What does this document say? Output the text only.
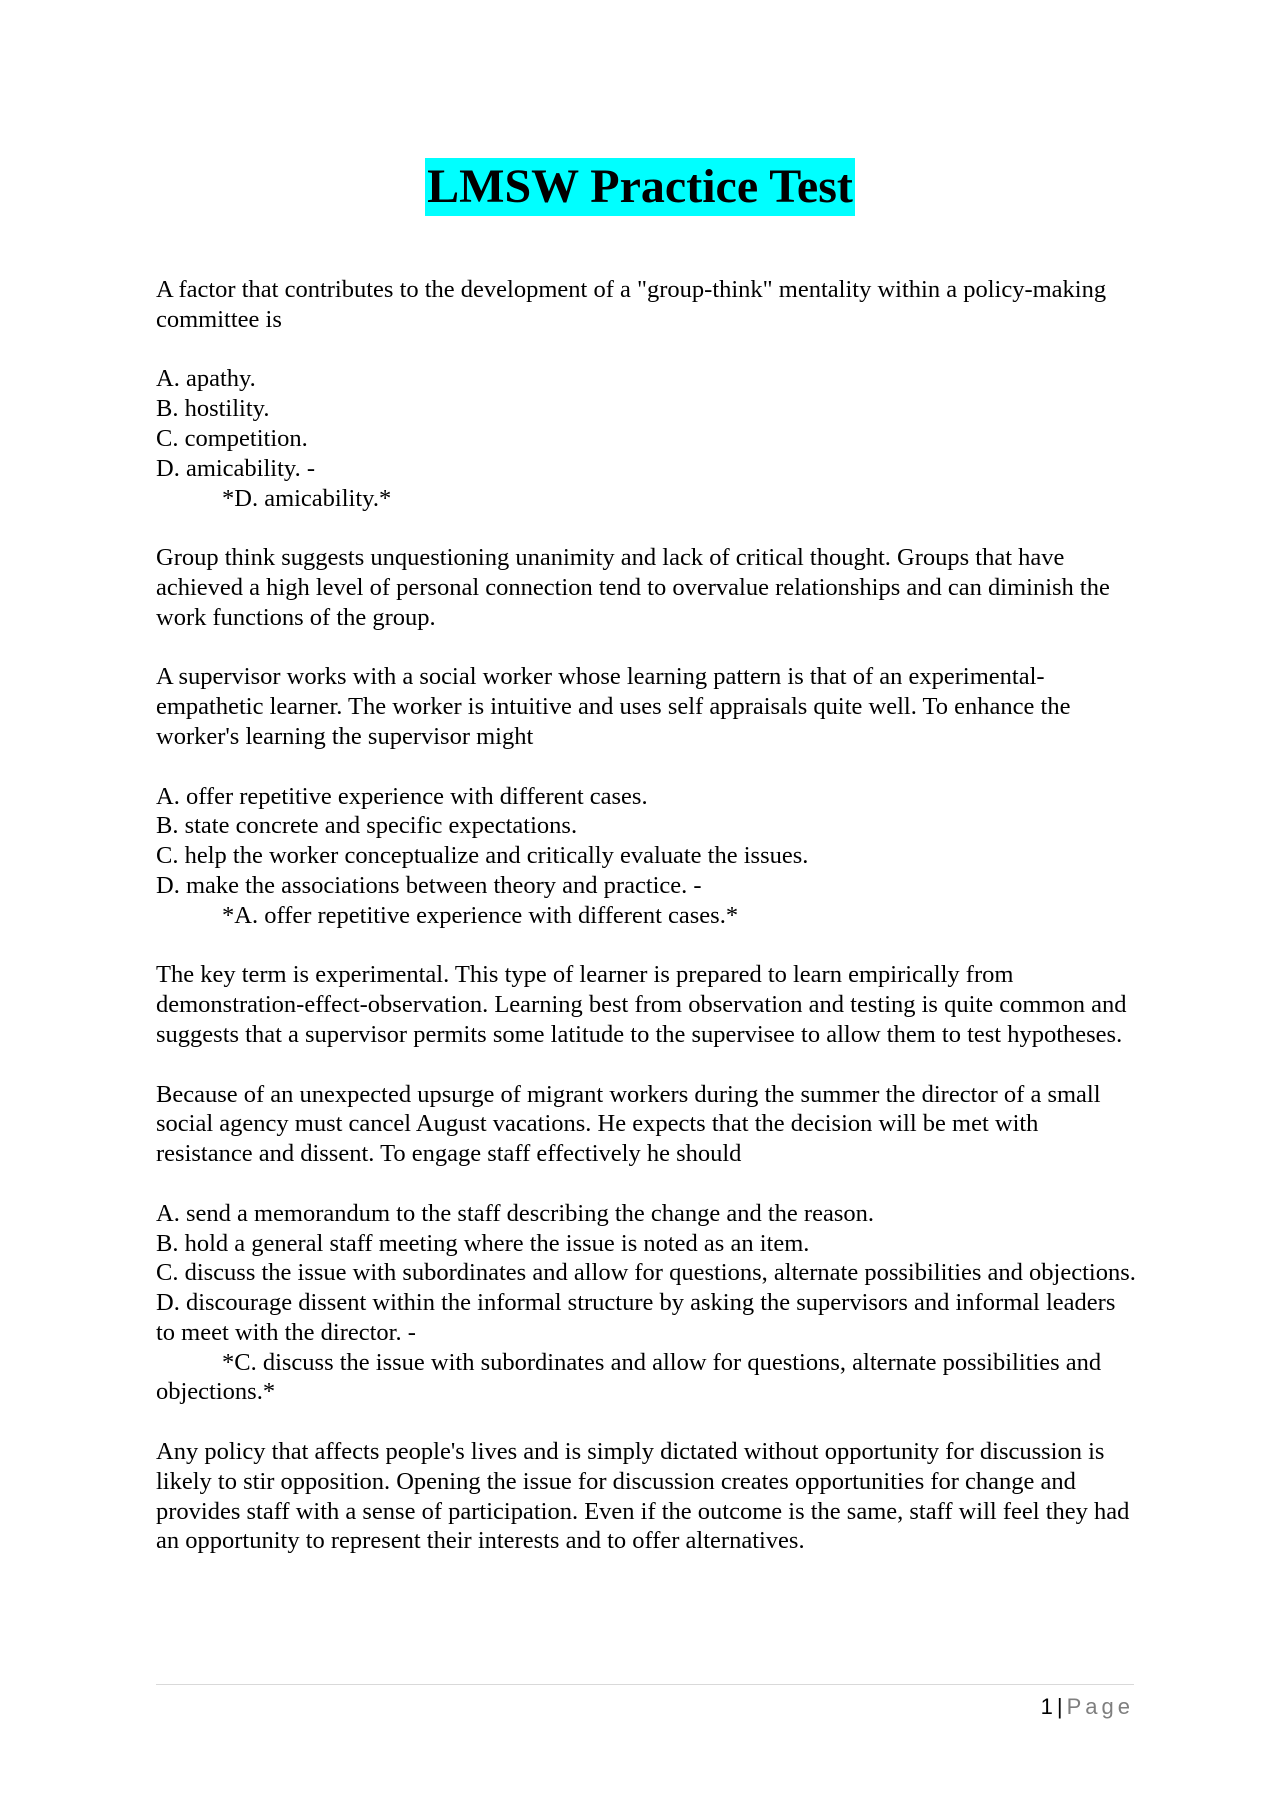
LMSW Practice Test

A factor that contributes to the development of a "group-think" mentality within a policy-making committee is

A. apathy.
B. hostility.
C. competition.
D. amicability. -
*D. amicability.*

Group think suggests unquestioning unanimity and lack of critical thought. Groups that have achieved a high level of personal connection tend to overvalue relationships and can diminish the work functions of the group.

A supervisor works with a social worker whose learning pattern is that of an experimental-empathetic learner. The worker is intuitive and uses self appraisals quite well. To enhance the worker's learning the supervisor might

A. offer repetitive experience with different cases.
B. state concrete and specific expectations.
C. help the worker conceptualize and critically evaluate the issues.
D. make the associations between theory and practice. -
*A. offer repetitive experience with different cases.*

The key term is experimental. This type of learner is prepared to learn empirically from demonstration-effect-observation. Learning best from observation and testing is quite common and suggests that a supervisor permits some latitude to the supervisee to allow them to test hypotheses.

Because of an unexpected upsurge of migrant workers during the summer the director of a small social agency must cancel August vacations. He expects that the decision will be met with resistance and dissent. To engage staff effectively he should

A. send a memorandum to the staff describing the change and the reason.
B. hold a general staff meeting where the issue is noted as an item.
C. discuss the issue with subordinates and allow for questions, alternate possibilities and objections.
D. discourage dissent within the informal structure by asking the supervisors and informal leaders to meet with the director. -
*C. discuss the issue with subordinates and allow for questions, alternate possibilities and objections.*

Any policy that affects people's lives and is simply dictated without opportunity for discussion is likely to stir opposition. Opening the issue for discussion creates opportunities for change and provides staff with a sense of participation. Even if the outcome is the same, staff will feel they had an opportunity to represent their interests and to offer alternatives.

1 | Page
